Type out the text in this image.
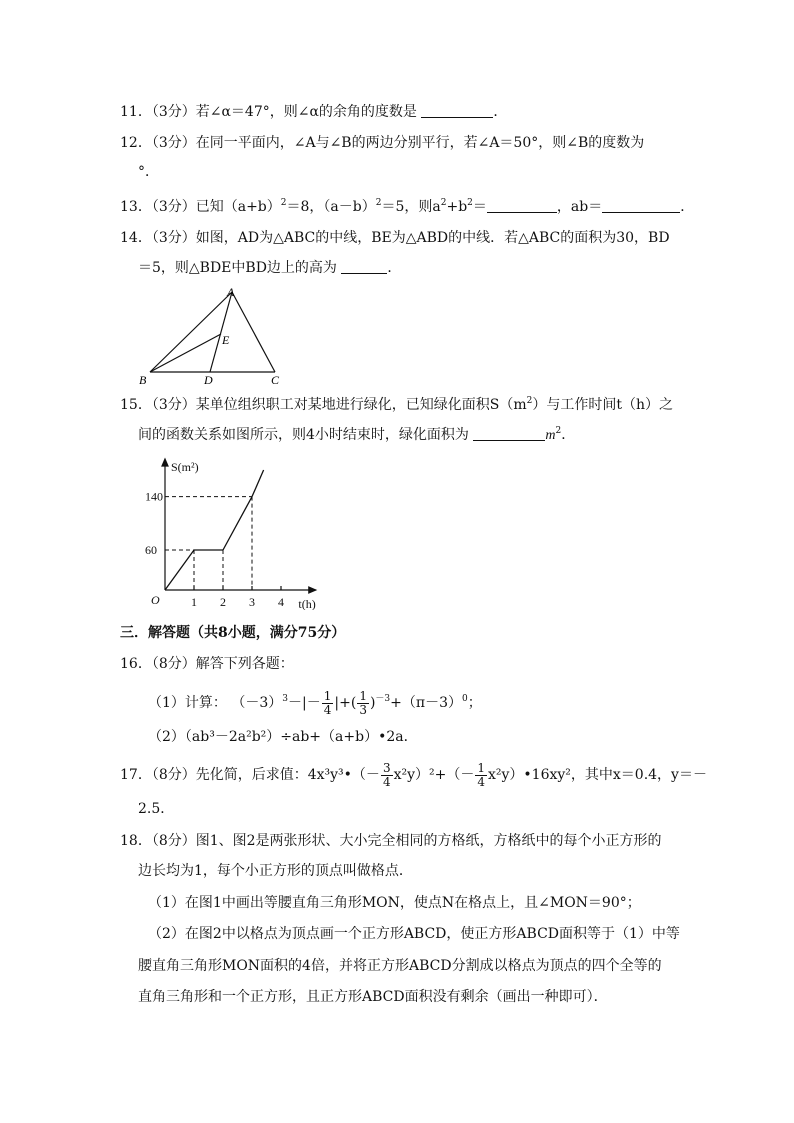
11．（3分）若∠α＝47°，则∠α的余角的度数是	．
12．（3分）在同一平面内，∠A与∠B的两边分别平行，若∠A＝50°，则∠B的度数为
°．
13．（3分）已知$(a+b)^2=8$，$(a-b)^2=5$，则$a^2+b^2=$	，ab＝	．
14．（3分）如图，AD为△ABC的中线，BE为△ABD的中线．若△ABC的面积为30，BD
＝5，则△BDE中BD边上的高为	．
A
B	C
D
E
15．（3分）某单位组织职工对某地进行绿化，已知绿化面积$S(m^2)$与工作时间t（h）之
间的函数关系如图所示，则4小时结束时，绿化面积为	$m^2$．
1 2 3 4
60
140
O	t(h)
S(m²)
三．解答题（共8小题，满分75分）
16．（8分）解答下列各题：
（1）计算： $(-3)^3-|- \frac{1}{4}$ |+( $\frac{1}{3} )^{-3}+(\pi-3)^0$；
（2）（ab³－2a²b²）÷ab+（a+b）•2a．
17．（8分）先化简，后求值：4x³y³•（－ $\frac{3}{4} x^2y)^2+(- \frac{1}{4}$ x²y）•16xy²，其中x＝0.4，y＝－
2.5．
18．（8分）图1、图2是两张形状、大小完全相同的方格纸，方格纸中的每个小正方形的
边长均为1，每个小正方形的顶点叫做格点．
（1）在图1中画出等腰直角三角形MON，使点N在格点上，且∠MON＝90°；
（2）在图2中以格点为顶点画一个正方形ABCD，使正方形ABCD面积等于（1）中等
腰直角三角形MON面积的4倍，并将正方形ABCD分割成以格点为顶点的四个全等的
直角三角形和一个正方形，且正方形ABCD面积没有剩余（画出一种即可）．
